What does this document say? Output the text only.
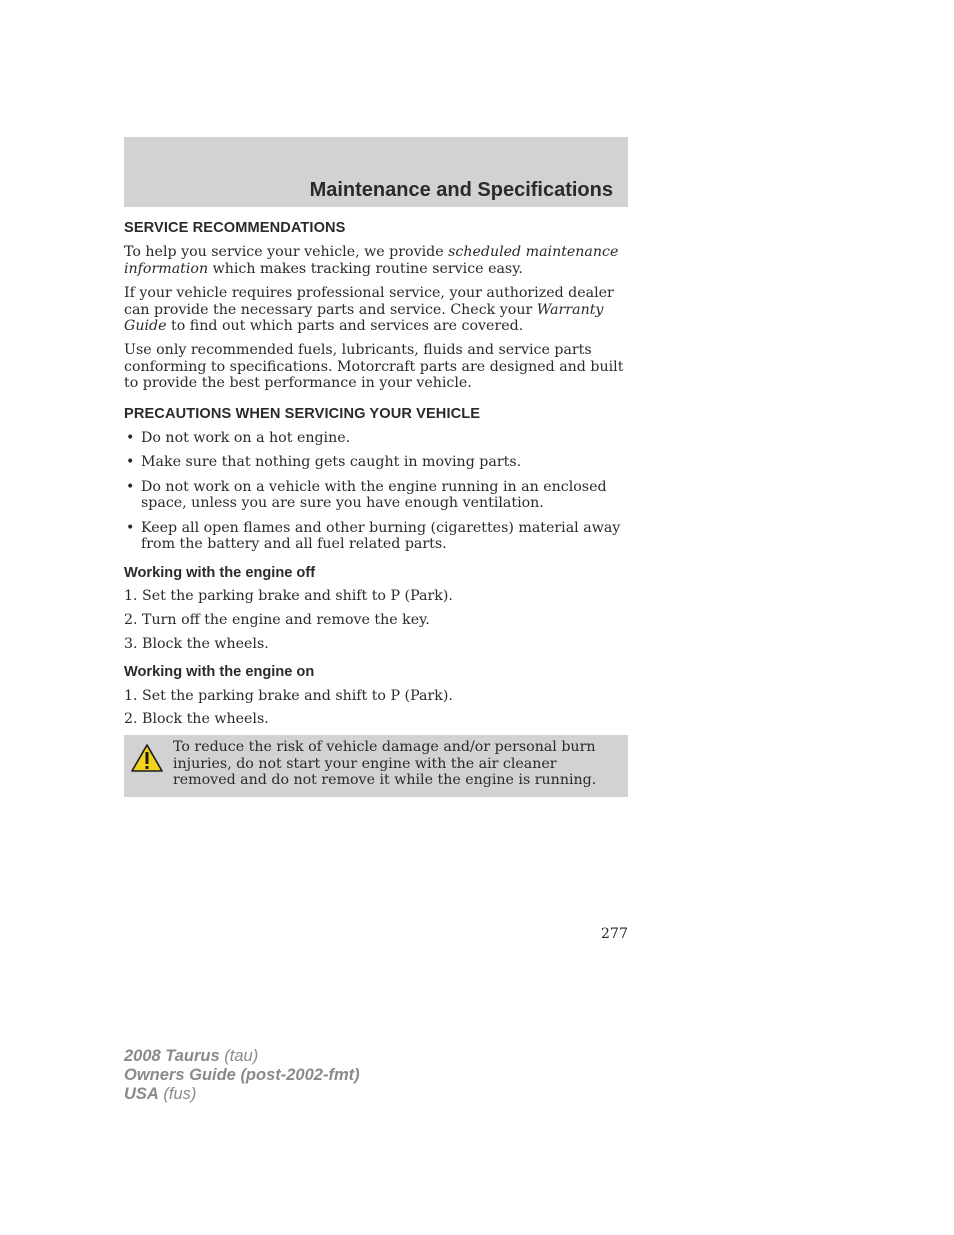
Maintenance and Specifications
SERVICE RECOMMENDATIONS

To help you service your vehicle, we provide scheduled maintenance information which makes tracking routine service easy.

If your vehicle requires professional service, your authorized dealer can provide the necessary parts and service. Check your Warranty Guide to find out which parts and services are covered.

Use only recommended fuels, lubricants, fluids and service parts conforming to specifications. Motorcraft parts are designed and built to provide the best performance in your vehicle.

PRECAUTIONS WHEN SERVICING YOUR VEHICLE
• Do not work on a hot engine.
• Make sure that nothing gets caught in moving parts.
• Do not work on a vehicle with the engine running in an enclosed space, unless you are sure you have enough ventilation.
• Keep all open flames and other burning (cigarettes) material away from the battery and all fuel related parts.
Working with the engine off
1. Set the parking brake and shift to P (Park).
2. Turn off the engine and remove the key.
3. Block the wheels.
Working with the engine on
1. Set the parking brake and shift to P (Park).
2. Block the wheels.
To reduce the risk of vehicle damage and/or personal burn injuries, do not start your engine with the air cleaner removed and do not remove it while the engine is running.
277
2008 Taurus (tau)
Owners Guide (post-2002-fmt)
USA (fus)
